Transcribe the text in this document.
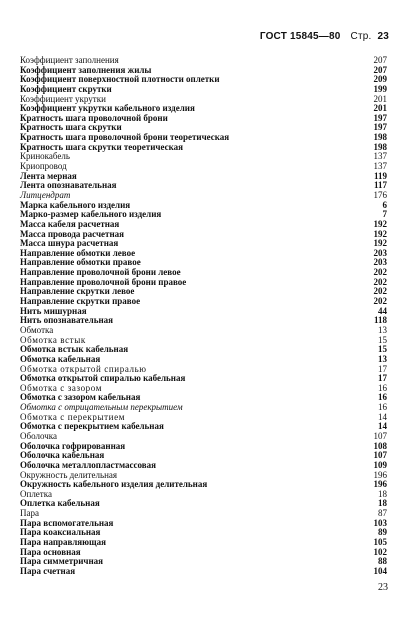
ГОСТ 15845—80 Стр. 23
Коэффициент заполнения	207
Коэффициент заполнения жилы	207
Коэффициент поверхностной плотности оплетки	209
Коэффициент скрутки	199
Коэффициент укрутки	201
Коэффициент укрутки кабельного изделия	201
Кратность шага проволочной брони	197
Кратность шага скрутки	197
Кратность шага проволочной брони теоретическая	198
Кратность шага скрутки теоретическая	198
Кринокабель	137
Криопровод	137
Лента мерная	119
Лента опознавательная	117
Литцендрат	176
Марка кабельного изделия	6
Марко-размер кабельного изделия	7
Масса кабеля расчетная	192
Масса провода расчетная	192
Масса шнура расчетная	192
Направление обмотки левое	203
Направление обмотки правое	203
Направление проволочной брони левое	202
Направление проволочной брони правое	202
Направление скрутки левое	202
Направление скрутки правое	202
Нить мишурная	44
Нить опознавательная	118
Обмотка	13
Обмотка встык	15
Обмотка встык кабельная	15
Обмотка кабельная	13
Обмотка открытой спиралью	17
Обмотка открытой спиралью кабельная	17
Обмотка с зазором	16
Обмотка с зазором кабельная	16
Обмотка с отрицательным перекрытием	16
Обмотка с перекрытием	14
Обмотка с перекрытием кабельная	14
Оболочка	107
Оболочка гофрированная	108
Оболочка кабельная	107
Оболочка металлопластмассовая	109
Окружность делительная	196
Окружность кабельного изделия делительная	196
Оплетка	18
Оплетка кабельная	18
Пара	87
Пара вспомогательная	103
Пара коаксиальная	89
Пара направляющая	105
Пара основная	102
Пара симметричная	88
Пара счетная	104
23
